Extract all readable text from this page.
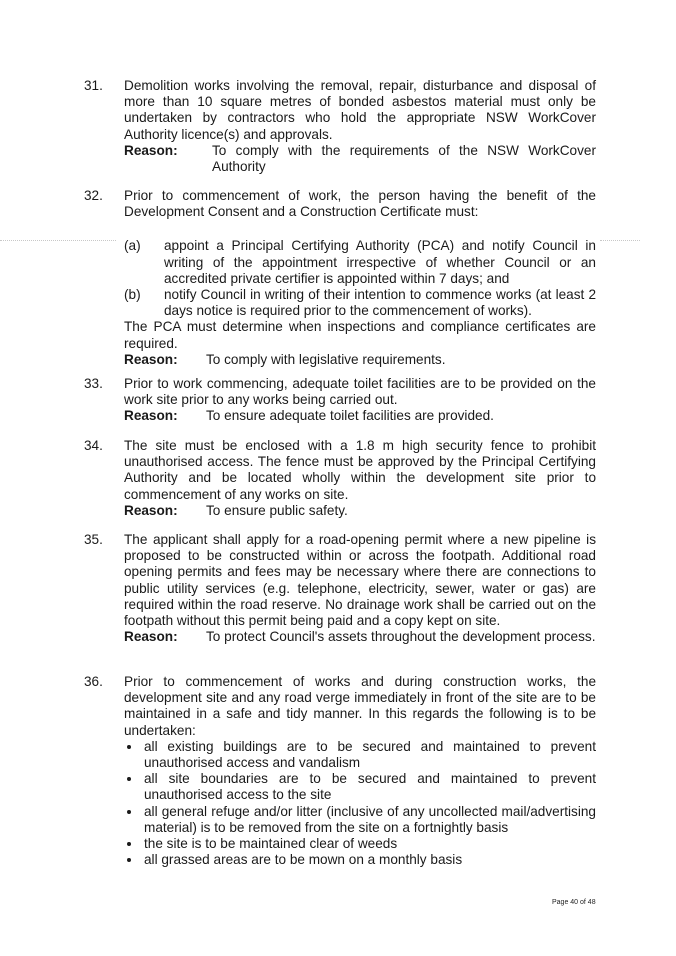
31.	Demolition works involving the removal, repair, disturbance and disposal of more than 10 square metres of bonded asbestos material must only be undertaken by contractors who hold the appropriate NSW WorkCover Authority licence(s) and approvals.
Reason:	To comply with the requirements of the NSW WorkCover Authority
32.	Prior to commencement of work, the person having the benefit of the Development Consent and a Construction Certificate must:
(a)	appoint a Principal Certifying Authority (PCA) and notify Council in writing of the appointment irrespective of whether Council or an accredited private certifier is appointed within 7 days; and
(b)	notify Council in writing of their intention to commence works (at least 2 days notice is required prior to the commencement of works).
The PCA must determine when inspections and compliance certificates are required.
Reason:	To comply with legislative requirements.
33.	Prior to work commencing, adequate toilet facilities are to be provided on the work site prior to any works being carried out.
Reason:	To ensure adequate toilet facilities are provided.
34.	The site must be enclosed with a 1.8 m high security fence to prohibit unauthorised access. The fence must be approved by the Principal Certifying Authority and be located wholly within the development site prior to commencement of any works on site.
Reason:	To ensure public safety.
35.	The applicant shall apply for a road-opening permit where a new pipeline is proposed to be constructed within or across the footpath. Additional road opening permits and fees may be necessary where there are connections to public utility services (e.g. telephone, electricity, sewer, water or gas) are required within the road reserve. No drainage work shall be carried out on the footpath without this permit being paid and a copy kept on site.
Reason:	To protect Council's assets throughout the development process.
36.	Prior to commencement of works and during construction works, the development site and any road verge immediately in front of the site are to be maintained in a safe and tidy manner. In this regards the following is to be undertaken:
• all existing buildings are to be secured and maintained to prevent unauthorised access and vandalism
• all site boundaries are to be secured and maintained to prevent unauthorised access to the site
• all general refuge and/or litter (inclusive of any uncollected mail/advertising material) is to be removed from the site on a fortnightly basis
• the site is to be maintained clear of weeds
• all grassed areas are to be mown on a monthly basis
Page 40 of 48
